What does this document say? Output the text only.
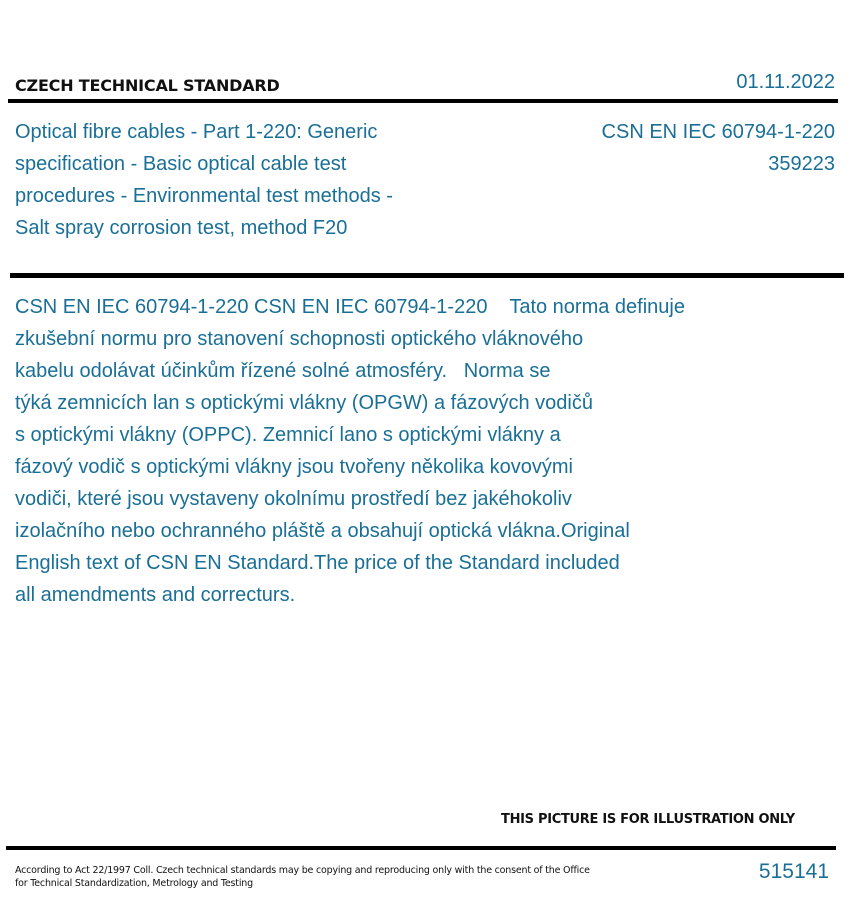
CZECH TECHNICAL STANDARD	01.11.2022
Optical fibre cables - Part 1-220: Generic
specification - Basic optical cable test
procedures - Environmental test methods -
Salt spray corrosion test, method F20
CSN EN IEC 60794-1-220
359223
CSN EN IEC 60794-1-220 CSN EN IEC 60794-1-220    Tato norma definuje
zkušební normu pro stanovení schopnosti optického vláknového
kabelu odolávat účinkům řízené solné atmosféry.   Norma se
týká zemnicích lan s optickými vlákny (OPGW) a fázových vodičů
s optickými vlákny (OPPC). Zemnicí lano s optickými vlákny a
fázový vodič s optickými vlákny jsou tvořeny několika kovovými
vodiči, které jsou vystaveny okolnímu prostředí bez jakéhokoliv
izolačního nebo ochranného pláště a obsahují optická vlákna.Original
English text of CSN EN Standard.The price of the Standard included
all amendments and correcturs.
THIS PICTURE IS FOR ILLUSTRATION ONLY
According to Act 22/1997 Coll. Czech technical standards may be copying and reproducing only with the consent of the Office
for Technical Standardization, Metrology and Testing
515141
